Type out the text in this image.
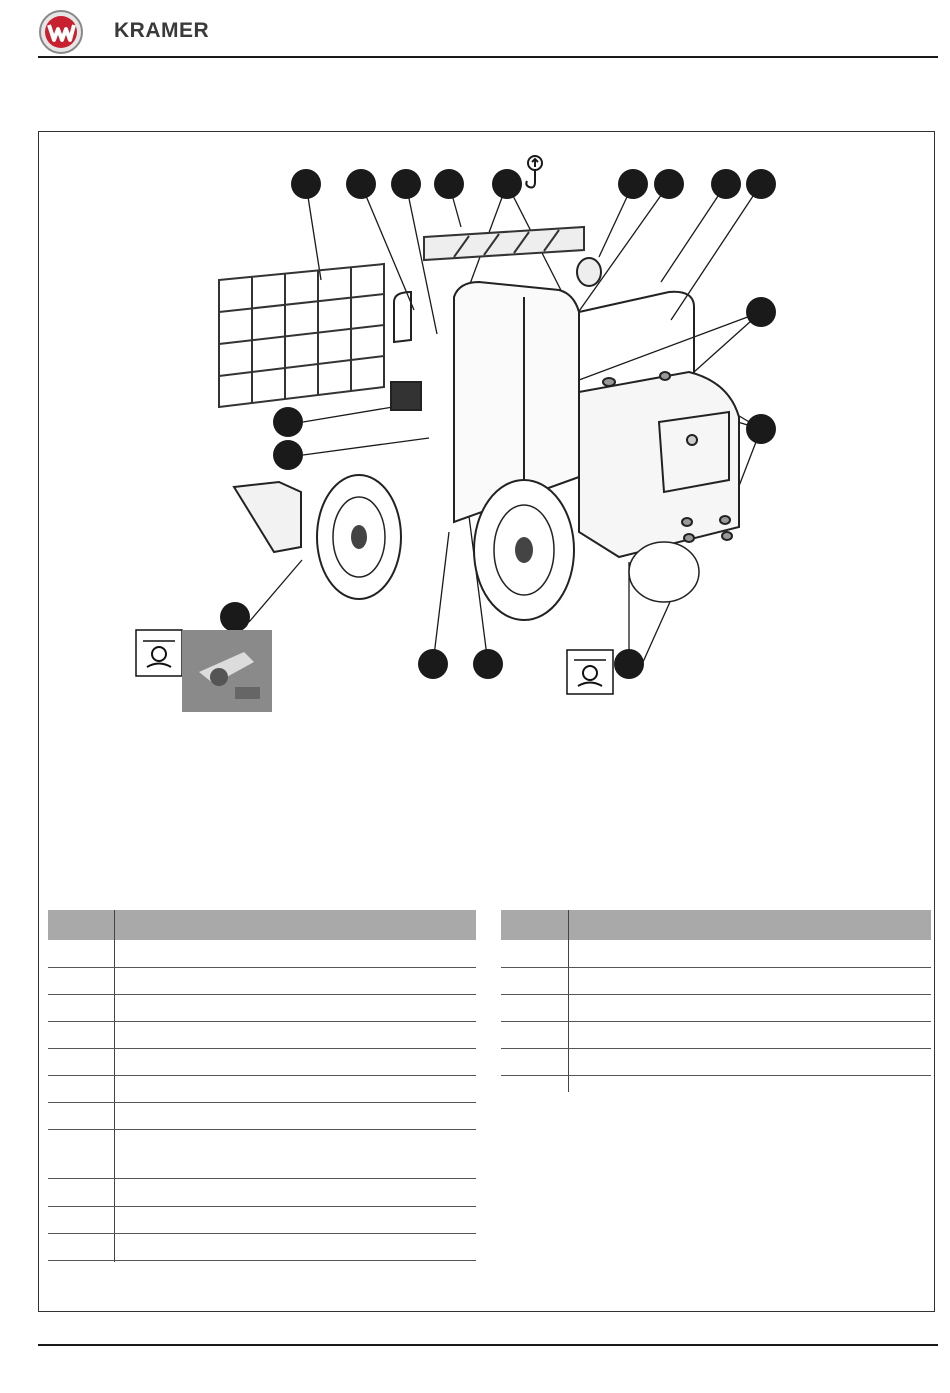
KRAMER
